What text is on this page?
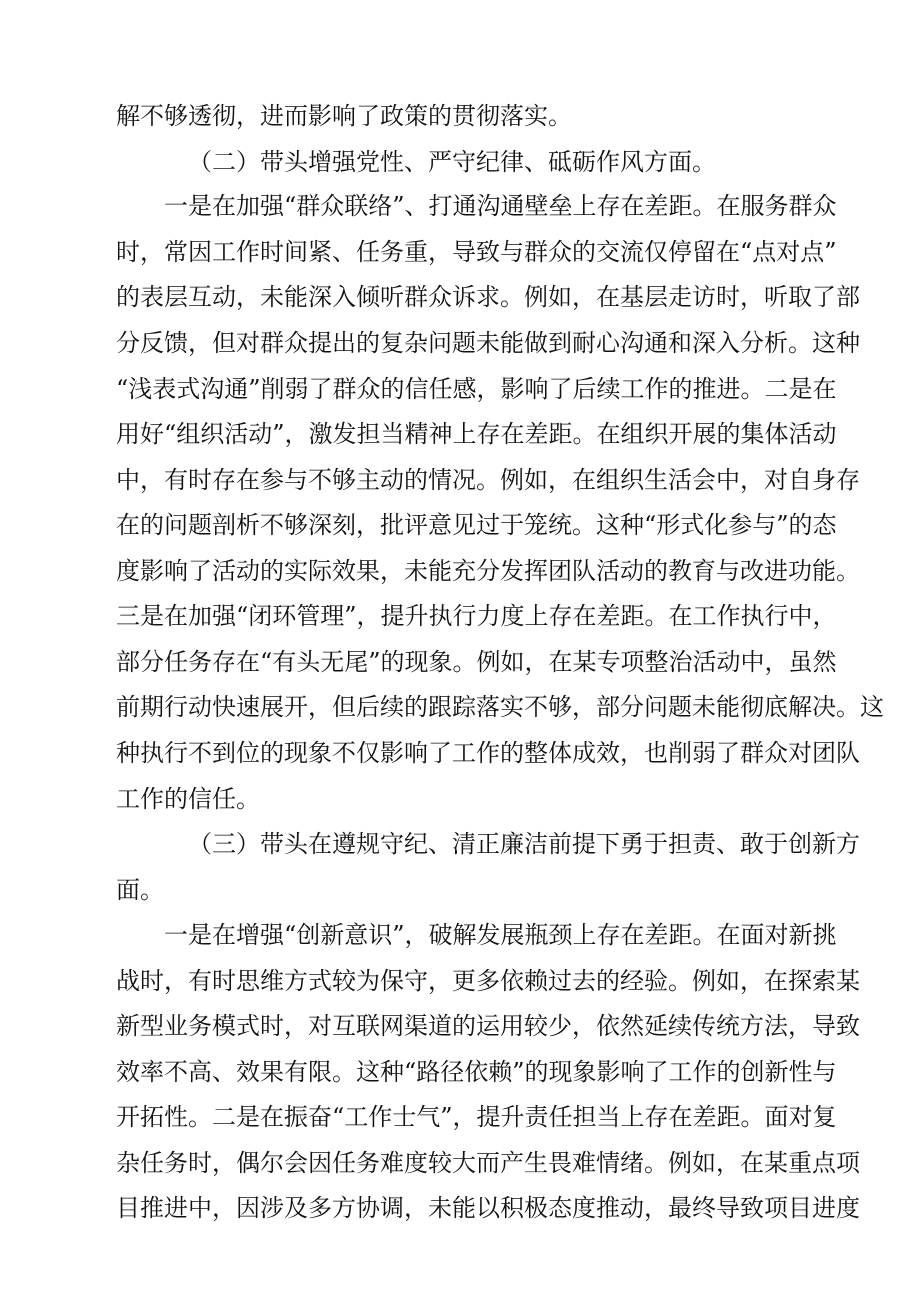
解不够透彻，进而影响了政策的贯彻落实。

（二）带头增强党性、严守纪律、砥砺作风方面。

一是在加强“群众联络”、打通沟通壁垒上存在差距。在服务群众

时，常因工作时间紧、任务重，导致与群众的交流仅停留在“点对点”

的表层互动，未能深入倾听群众诉求。例如，在基层走访时，听取了部

分反馈，但对群众提出的复杂问题未能做到耐心沟通和深入分析。这种

“浅表式沟通”削弱了群众的信任感，影响了后续工作的推进。二是在

用好“组织活动”，激发担当精神上存在差距。在组织开展的集体活动

中，有时存在参与不够主动的情况。例如，在组织生活会中，对自身存

在的问题剖析不够深刻，批评意见过于笼统。这种“形式化参与”的态

度影响了活动的实际效果，未能充分发挥团队活动的教育与改进功能。

三是在加强“闭环管理”，提升执行力度上存在差距。在工作执行中，

部分任务存在“有头无尾”的现象。例如，在某专项整治活动中，虽然

前期行动快速展开，但后续的跟踪落实不够，部分问题未能彻底解决。这

种执行不到位的现象不仅影响了工作的整体成效，也削弱了群众对团队

工作的信任。

（三）带头在遵规守纪、清正廉洁前提下勇于担责、敢于创新方

面。

一是在增强“创新意识”，破解发展瓶颈上存在差距。在面对新挑

战时，有时思维方式较为保守，更多依赖过去的经验。例如，在探索某

新型业务模式时，对互联网渠道的运用较少，依然延续传统方法，导致

效率不高、效果有限。这种“路径依赖”的现象影响了工作的创新性与

开拓性。二是在振奋“工作士气”，提升责任担当上存在差距。面对复

杂任务时，偶尔会因任务难度较大而产生畏难情绪。例如，在某重点项

目推进中，因涉及多方协调，未能以积极态度推动，最终导致项目进度
